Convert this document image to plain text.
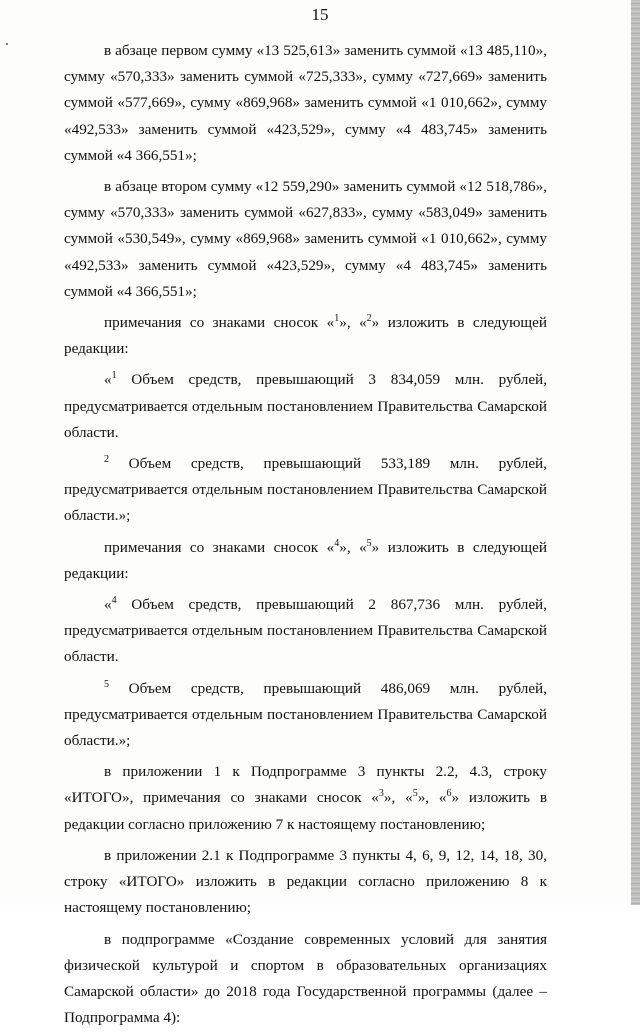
15

в абзаце первом сумму «13 525,613» заменить суммой «13 485,110», сумму «570,333» заменить суммой «725,333», сумму «727,669» заменить суммой «577,669», сумму «869,968» заменить суммой «1 010,662», сумму «492,533» заменить суммой «423,529», сумму «4 483,745» заменить суммой «4 366,551»;

в абзаце втором сумму «12 559,290» заменить суммой «12 518,786», сумму «570,333» заменить суммой «627,833», сумму «583,049» заменить суммой «530,549», сумму «869,968» заменить суммой «1 010,662», сумму «492,533» заменить суммой «423,529», сумму «4 483,745» заменить суммой «4 366,551»;

примечания со знаками сносок «$^1$», «$^2$» изложить в следующей редакции:

«$^1$ Объем средств, превышающий 3 834,059 млн. рублей, предусматривается отдельным постановлением Правительства Самарской области.

$^2$ Объем средств, превышающий 533,189 млн. рублей, предусматривается отдельным постановлением Правительства Самарской области.»;

примечания со знаками сносок «$^4$», «$^5$» изложить в следующей редакции:

«$^4$ Объем средств, превышающий 2 867,736 млн. рублей, предусматривается отдельным постановлением Правительства Самарской области.

$^5$ Объем средств, превышающий 486,069 млн. рублей, предусматривается отдельным постановлением Правительства Самарской области.»;

в приложении 1 к Подпрограмме 3 пункты 2.2, 4.3, строку «ИТОГО», примечания со знаками сносок «$^3$», «$^5$», «$^6$» изложить в редакции согласно приложению 7 к настоящему постановлению;

в приложении 2.1 к Подпрограмме 3 пункты 4, 6, 9, 12, 14, 18, 30, строку «ИТОГО» изложить в редакции согласно приложению 8 к настоящему постановлению;

в подпрограмме «Создание современных условий для занятия физической культурой и спортом в образовательных организациях Самарской области» до 2018 года Государственной программы (далее – Подпрограмма 4):
